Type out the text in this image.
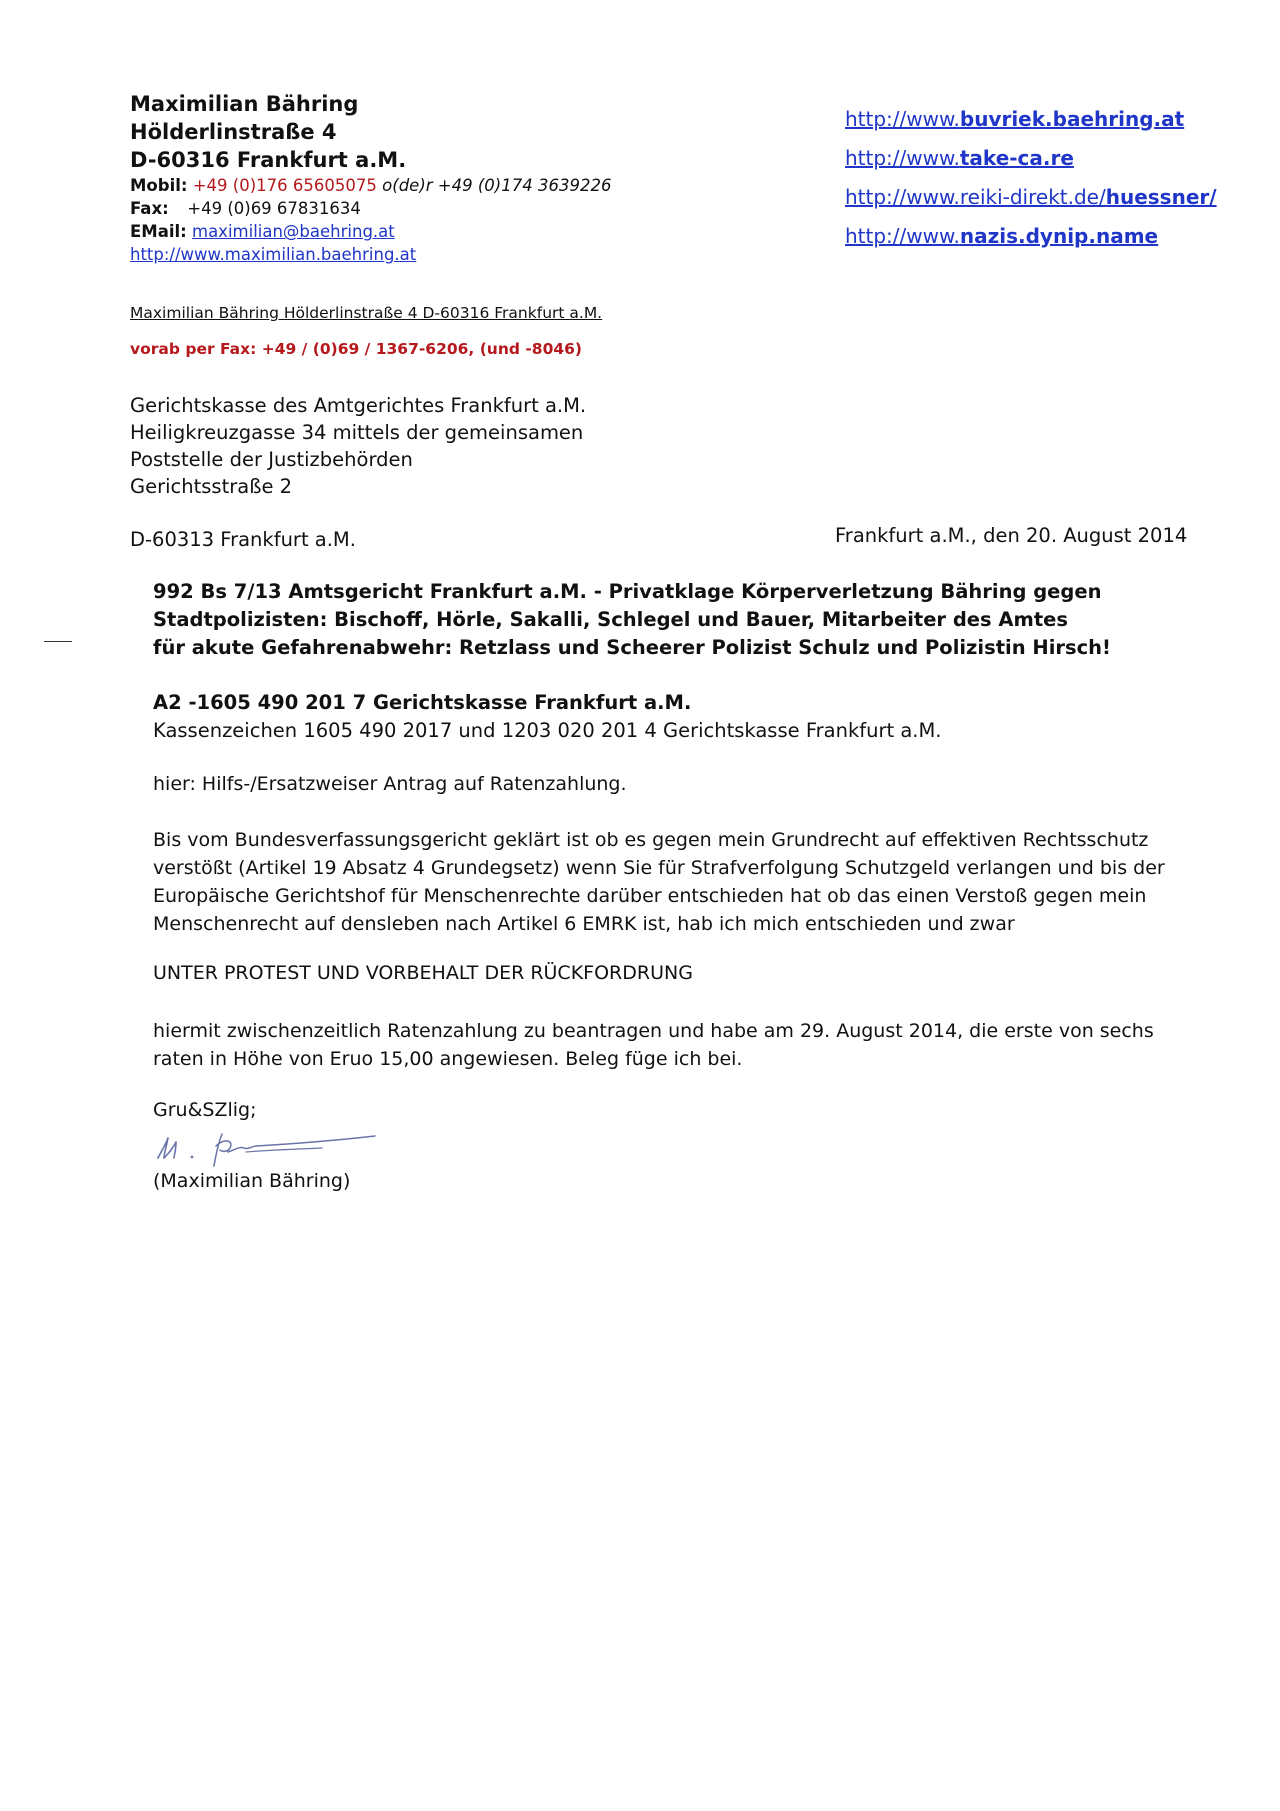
Maximilian Bähring
Hölderlinstraße 4
D-60316 Frankfurt a.M.
Mobil: +49 (0)176 65605075 o(de)r +49 (0)174 3639226
Fax: +49 (0)69 67831634
EMail: maximilian@baehring.at
http://www.maximilian.baehring.at
http://www.buvriek.baehring.at
http://www.take-ca.re
http://www.reiki-direkt.de/huessner/
http://www.nazis.dynip.name
Maximilian Bähring Hölderlinstraße 4 D-60316 Frankfurt a.M.
vorab per Fax: +49 / (0)69 / 1367-6206, (und -8046)
Gerichtskasse des Amtgerichtes Frankfurt a.M.
Heiligkreuzgasse 34 mittels der gemeinsamen
Poststelle der Justizbehörden
Gerichtsstraße 2
D-60313 Frankfurt a.M.	Frankfurt a.M., den 20. August 2014
992 Bs 7/13 Amtsgericht Frankfurt a.M. - Privatklage Körperverletzung Bähring gegen
Stadtpolizisten: Bischoff, Hörle, Sakalli, Schlegel und Bauer, Mitarbeiter des Amtes
für akute Gefahrenabwehr: Retzlass und Scheerer Polizist Schulz und Polizistin Hirsch!
A2 -1605 490 201 7 Gerichtskasse Frankfurt a.M.
Kassenzeichen 1605 490 2017 und 1203 020 201 4 Gerichtskasse Frankfurt a.M.
hier: Hilfs-/Ersatzweiser Antrag auf Ratenzahlung.
Bis vom Bundesverfassungsgericht geklärt ist ob es gegen mein Grundrecht auf effektiven Rechtsschutz
verstößt (Artikel 19 Absatz 4 Grundegsetz) wenn Sie für Strafverfolgung Schutzgeld verlangen und bis der
Europäische Gerichtshof für Menschenrechte darüber entschieden hat ob das einen Verstoß gegen mein
Menschenrecht auf densleben nach Artikel 6 EMRK ist, hab ich mich entschieden und zwar
UNTER PROTEST UND VORBEHALT DER RÜCKFORDRUNG
hiermit zwischenzeitlich Ratenzahlung zu beantragen und habe am 29. August 2014, die erste von sechs
raten in Höhe von Eruo 15,00 angewiesen. Beleg füge ich bei.
Gru&SZlig;
(Maximilian Bähring)
